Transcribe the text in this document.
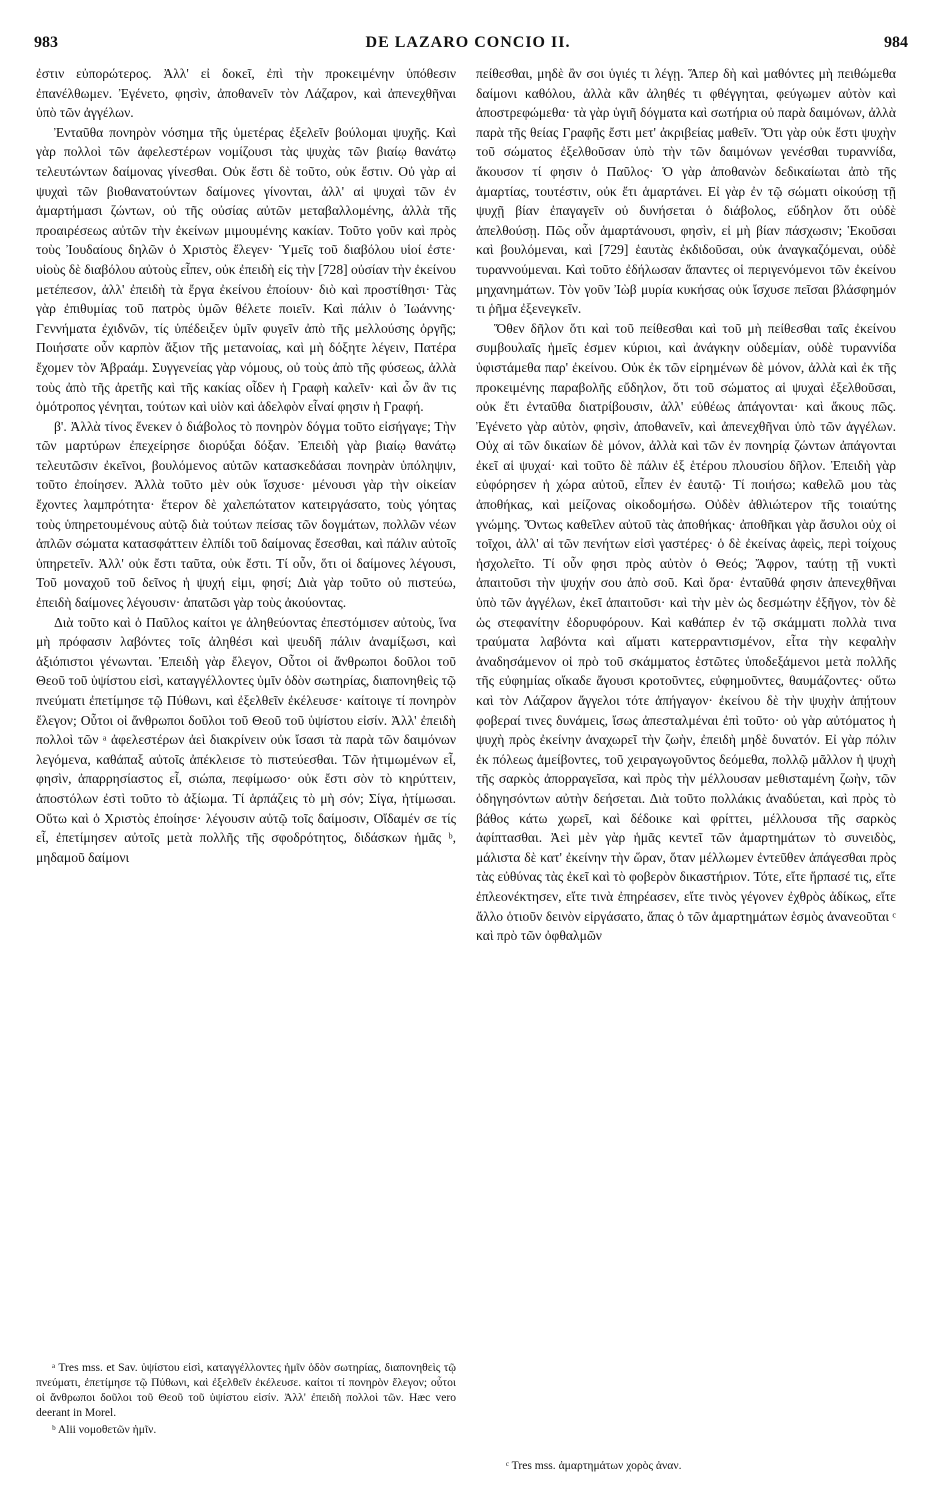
983	DE LAZARO CONCIO II.	984

ἐστιν εὐπορώτερος. Ἀλλ' εἰ δοκεῖ, ἐπὶ τὴν προκειμένην ὑπόθεσιν ἐπανέλθωμεν. Ἐγένετο, φησὶν, ἀποθανεῖν τὸν Λάζαρον, καὶ ἀπενεχθῆναι ὑπὸ τῶν ἀγγέλων.

Ἐνταῦθα πονηρὸν νόσημα τῆς ὑμετέρας ἐξελεῖν βούλομαι ψυχῆς. Καὶ γὰρ πολλοὶ τῶν ἀφελεστέρων νομίζουσι τὰς ψυχὰς τῶν βιαίῳ θανάτῳ τελευτώντων δαίμονας γίνεσθαι. Οὐκ ἔστι δὲ τοῦτο, οὐκ ἔστιν. Οὐ γὰρ αἱ ψυχαὶ τῶν βιοθανατούντων δαίμονες γίνονται, ἀλλ' αἱ ψυχαὶ τῶν ἐν ἁμαρτήμασι ζώντων, οὐ τῆς οὐσίας αὐτῶν μεταβαλλομένης, ἀλλὰ τῆς προαιρέσεως αὐτῶν τὴν ἐκείνων μιμουμένης κακίαν. Τοῦτο γοῦν καὶ πρὸς τοὺς Ἰουδαίους δηλῶν ὁ Χριστὸς ἔλεγεν· Ὑμεῖς τοῦ διαβόλου υἱοί ἐστε· υἱοὺς δὲ διαβόλου αὐτοὺς εἶπεν, οὐκ ἐπειδὴ εἰς τὴν [728] οὐσίαν τὴν ἐκείνου μετέπεσον, ἀλλ' ἐπειδὴ τὰ ἔργα ἐκείνου ἐποίουν· διὸ καὶ προστίθησι· Τὰς γὰρ ἐπιθυμίας τοῦ πατρὸς ὑμῶν θέλετε ποιεῖν. Καὶ πάλιν ὁ Ἰωάννης· Γεννήματα ἐχιδνῶν, τίς ὑπέδειξεν ὑμῖν φυγεῖν ἀπὸ τῆς μελλούσης ὀργῆς; Ποιήσατε οὖν καρπὸν ἄξιον τῆς μετανοίας, καὶ μὴ δόξητε λέγειν, Πατέρα ἔχομεν τὸν Ἀβραάμ. Συγγενείας γὰρ νόμους, οὐ τοὺς ἀπὸ τῆς φύσεως, ἀλλὰ τοὺς ἀπὸ τῆς ἀρετῆς καὶ τῆς κακίας οἶδεν ἡ Γραφὴ καλεῖν· καὶ ὧν ἂν τις ὁμότροπος γένηται, τούτων καὶ υἱὸν καὶ ἀδελφὸν εἶναί φησιν ἡ Γραφή.

β'. Ἀλλὰ τίνος ἕνεκεν ὁ διάβολος τὸ πονηρὸν δόγμα τοῦτο εἰσήγαγε; Τὴν τῶν μαρτύρων ἐπεχείρησε διορύξαι δόξαν. Ἐπειδὴ γὰρ βιαίῳ θανάτῳ τελευτῶσιν ἐκεῖνοι, βουλόμενος αὐτῶν κατασκεδάσαι πονηρὰν ὑπόληψιν, τοῦτο ἐποίησεν. Ἀλλὰ τοῦτο μὲν οὐκ ἴσχυσε· μένουσι γὰρ τὴν οἰκείαν ἔχοντες λαμπρότητα· ἕτερον δὲ χαλεπώτατον κατειργάσατο, τοὺς γόητας τοὺς ὑπηρετουμένους αὐτῷ διὰ τούτων πείσας τῶν δογμάτων, πολλῶν νέων ἀπλῶν σώματα κατασφάττειν ἐλπίδι τοῦ δαίμονας ἔσεσθαι, καὶ πάλιν αὐτοῖς ὑπηρετεῖν. Ἀλλ' οὐκ ἔστι ταῦτα, οὐκ ἔστι. Τί οὖν, ὅτι οἱ δαίμονες λέγουσι, Τοῦ μοναχοῦ τοῦ δεῖνος ἡ ψυχή εἰμι, φησί; Διὰ γὰρ τοῦτο οὐ πιστεύω, ἐπειδὴ δαίμονες λέγουσιν· ἀπατῶσι γὰρ τοὺς ἀκούοντας.

Διὰ τοῦτο καὶ ὁ Παῦλος καίτοι γε ἀληθεύοντας ἐπεστόμισεν αὐτοὺς, ἵνα μὴ πρόφασιν λαβόντες τοῖς ἀληθέσι καὶ ψευδῆ πάλιν ἀναμίξωσι, καὶ ἀξιόπιστοι γένωνται. Ἐπειδὴ γὰρ ἔλεγον, Οὗτοι οἱ ἄνθρωποι δοῦλοι τοῦ Θεοῦ τοῦ ὑψίστου εἰσὶ, καταγγέλλοντες ὑμῖν ὁδὸν σωτηρίας, διαπονηθεὶς τῷ πνεύματι ἐπετίμησε τῷ Πύθωνι, καὶ ἐξελθεῖν ἐκέλευσε· καίτοιγε τί πονηρὸν ἔλεγον; Οὗτοι οἱ ἄνθρωποι δοῦλοι τοῦ Θεοῦ τοῦ ὑψίστου εἰσίν. Ἀλλ' ἐπειδὴ πολλοὶ τῶν ᵃ ἀφελεστέρων ἀεὶ διακρίνειν οὐκ ἴσασι τὰ παρὰ τῶν δαιμόνων λεγόμενα, καθάπαξ αὐτοῖς ἀπέκλεισε τὸ πιστεύεσθαι. Τῶν ἠτιμωμένων εἶ, φησὶν, ἀπαρρησίαστος εἶ, σιώπα, πεφίμωσο· οὐκ ἔστι σὸν τὸ κηρύττειν, ἀποστόλων ἐστὶ τοῦτο τὸ ἀξίωμα. Τί ἁρπάζεις τὸ μὴ σόν; Σίγα, ἠτίμωσαι. Οὕτω καὶ ὁ Χριστὸς ἐποίησε· λέγουσιν αὐτῷ τοῖς δαίμοσιν, Οἴδαμέν σε τίς εἶ, ἐπετίμησεν αὐτοῖς μετὰ πολλῆς τῆς σφοδρότητος, διδάσκων ἡμᾶς ᵇ, μηδαμοῦ δαίμονι

πείθεσθαι, μηδὲ ἂν σοι ὑγιές τι λέγῃ. Ἅπερ δὴ καὶ μαθόντες μὴ πειθώμεθα δαίμονι καθόλου, ἀλλὰ κἂν ἀληθές τι φθέγγηται, φεύγωμεν αὐτὸν καὶ ἀποστρεφώμεθα· τὰ γὰρ ὑγιῆ δόγματα καὶ σωτήρια οὐ παρὰ δαιμόνων, ἀλλὰ παρὰ τῆς θείας Γραφῆς ἔστι μετ' ἀκριβείας μαθεῖν. Ὅτι γὰρ οὐκ ἔστι ψυχὴν τοῦ σώματος ἐξελθοῦσαν ὑπὸ τὴν τῶν δαιμόνων γενέσθαι τυραννίδα, ἄκουσον τί φησιν ὁ Παῦλος· Ὁ γὰρ ἀποθανὼν δεδικαίωται ἀπὸ τῆς ἁμαρτίας, τουτέστιν, οὐκ ἔτι ἁμαρτάνει. Εἰ γὰρ ἐν τῷ σώματι οἰκούσῃ τῇ ψυχῇ βίαν ἐπαγαγεῖν οὐ δυνήσεται ὁ διάβολος, εὔδηλον ὅτι οὐδὲ ἀπελθούσῃ. Πῶς οὖν ἁμαρτάνουσι, φησὶν, εἰ μὴ βίαν πάσχωσιν; Ἑκοῦσαι καὶ βουλόμεναι, καὶ [729] ἑαυτὰς ἐκδιδοῦσαι, οὐκ ἀναγκαζόμεναι, οὐδὲ τυραννούμεναι. Καὶ τοῦτο ἐδήλωσαν ἅπαντες οἱ περιγενόμενοι τῶν ἐκείνου μηχανημάτων. Τὸν γοῦν Ἰὼβ μυρία κυκήσας οὐκ ἴσχυσε πεῖσαι βλάσφημόν τι ῥῆμα ἐξενεγκεῖν.

Ὅθεν δῆλον ὅτι καὶ τοῦ πείθεσθαι καὶ τοῦ μὴ πείθεσθαι ταῖς ἐκείνου συμβουλαῖς ἡμεῖς ἐσμεν κύριοι, καὶ ἀνάγκην οὐδεμίαν, οὐδὲ τυραννίδα ὑφιστάμεθα παρ' ἐκείνου. Οὐκ ἐκ τῶν εἰρημένων δὲ μόνον, ἀλλὰ καὶ ἐκ τῆς προκειμένης παραβολῆς εὔδηλον, ὅτι τοῦ σώματος αἱ ψυχαὶ ἐξελθοῦσαι, οὐκ ἔτι ἐνταῦθα διατρίβουσιν, ἀλλ' εὐθέως ἀπάγονται· καὶ ἄκους πῶς. Ἐγένετο γὰρ αὐτὸν, φησὶν, ἀποθανεῖν, καὶ ἀπενεχθῆναι ὑπὸ τῶν ἀγγέλων. Οὐχ αἱ τῶν δικαίων δὲ μόνον, ἀλλὰ καὶ τῶν ἐν πονηρίᾳ ζώντων ἀπάγονται ἐκεῖ αἱ ψυχαί· καὶ τοῦτο δὲ πάλιν ἐξ ἑτέρου πλουσίου δῆλον. Ἐπειδὴ γὰρ εὐφόρησεν ἡ χώρα αὐτοῦ, εἶπεν ἐν ἑαυτῷ· Τί ποιήσω; καθελῶ μου τὰς ἀποθήκας, καὶ μείζονας οἰκοδομήσω. Οὐδὲν ἀθλιώτερον τῆς τοιαύτης γνώμης. Ὄντως καθεῖλεν αὐτοῦ τὰς ἀποθήκας· ἀποθῆκαι γὰρ ἄσυλοι οὐχ οἱ τοῖχοι, ἀλλ' αἱ τῶν πενήτων εἰσὶ γαστέρες· ὁ δὲ ἐκείνας ἀφεὶς, περὶ τοίχους ἠσχολεῖτο. Τί οὖν φησι πρὸς αὐτὸν ὁ Θεός; Ἄφρον, ταύτῃ τῇ νυκτὶ ἀπαιτοῦσι τὴν ψυχήν σου ἀπὸ σοῦ. Καὶ ὅρα· ἐνταῦθά φησιν ἀπενεχθῆναι ὑπὸ τῶν ἀγγέλων, ἐκεῖ ἀπαιτοῦσι· καὶ τὴν μὲν ὡς δεσμώτην ἐξῆγον, τὸν δὲ ὡς στεφανίτην ἐδορυφόρουν. Καὶ καθάπερ ἐν τῷ σκάμματι πολλὰ τινα τραύματα λαβόντα καὶ αἵματι κατερραντισμένον, εἶτα τὴν κεφαλὴν ἀναδησάμενον οἱ πρὸ τοῦ σκάμματος ἑστῶτες ὑποδεξάμενοι μετὰ πολλῆς τῆς εὐφημίας οἴκαδε ἄγουσι κροτοῦντες, εὐφημοῦντες, θαυμάζοντες· οὕτω καὶ τὸν Λάζαρον ἄγγελοι τότε ἀπήγαγον· ἐκείνου δὲ τὴν ψυχὴν ἀπῄτουν φοβεραί τινες δυνάμεις, ἴσως ἀπεσταλμέναι ἐπὶ τοῦτο· οὐ γὰρ αὐτόματος ἡ ψυχὴ πρὸς ἐκείνην ἀναχωρεῖ τὴν ζωὴν, ἐπειδὴ μηδὲ δυνατόν. Εἰ γὰρ πόλιν ἐκ πόλεως ἀμείβοντες, τοῦ χειραγωγοῦντος δεόμεθα, πολλῷ μᾶλλον ἡ ψυχὴ τῆς σαρκὸς ἀπορραγεῖσα, καὶ πρὸς τὴν μέλλουσαν μεθισταμένη ζωὴν, τῶν ὁδηγησόντων αὐτὴν δεήσεται. Διὰ τοῦτο πολλάκις ἀναδύεται, καὶ πρὸς τὸ βάθος κάτω χωρεῖ, καὶ δέδοικε καὶ φρίττει, μέλλουσα τῆς σαρκὸς ἀφίπτασθαι. Ἀεὶ μὲν γὰρ ἡμᾶς κεντεῖ τῶν ἁμαρτημάτων τὸ συνειδὸς, μάλιστα δὲ κατ' ἐκείνην τὴν ὥραν, ὅταν μέλλωμεν ἐντεῦθεν ἀπάγεσθαι πρὸς τὰς εὐθύνας τὰς ἐκεῖ καὶ τὸ φοβερὸν δικαστήριον. Τότε, εἴτε ἥρπασέ τις, εἴτε ἐπλεονέκτησεν, εἴτε τινὰ ἐπηρέασεν, εἴτε τινὸς γέγονεν ἐχθρὸς ἀδίκως, εἴτε ἄλλο ὁτιοῦν δεινὸν εἰργάσατο, ἅπας ὁ τῶν ἁμαρτημάτων ἑσμὸς ἀνανεοῦται ᶜ καὶ πρὸ τῶν ὀφθαλμῶν

ᵃ Tres mss. et Sav. ὑψίστου εἰσὶ, καταγγέλλοντες ἡμῖν ὁδὸν σωτηρίας, διαπονηθεὶς τῷ πνεύματι, ἐπετίμησε τῷ Πύθωνι, καὶ ἐξελθεῖν ἐκέλευσε. καίτοι τί πονηρὸν ἔλεγον; οὗτοι οἱ ἄνθρωποι δοῦλοι τοῦ Θεοῦ τοῦ ὑψίστου εἰσίν. Ἀλλ' ἐπειδὴ πολλοὶ τῶν. Hæc vero deerant in Morel.

ᵇ Alii νομοθετῶν ἡμῖν.

ᶜ Tres mss. ἁμαρτημάτων χορὸς ἀναν.
